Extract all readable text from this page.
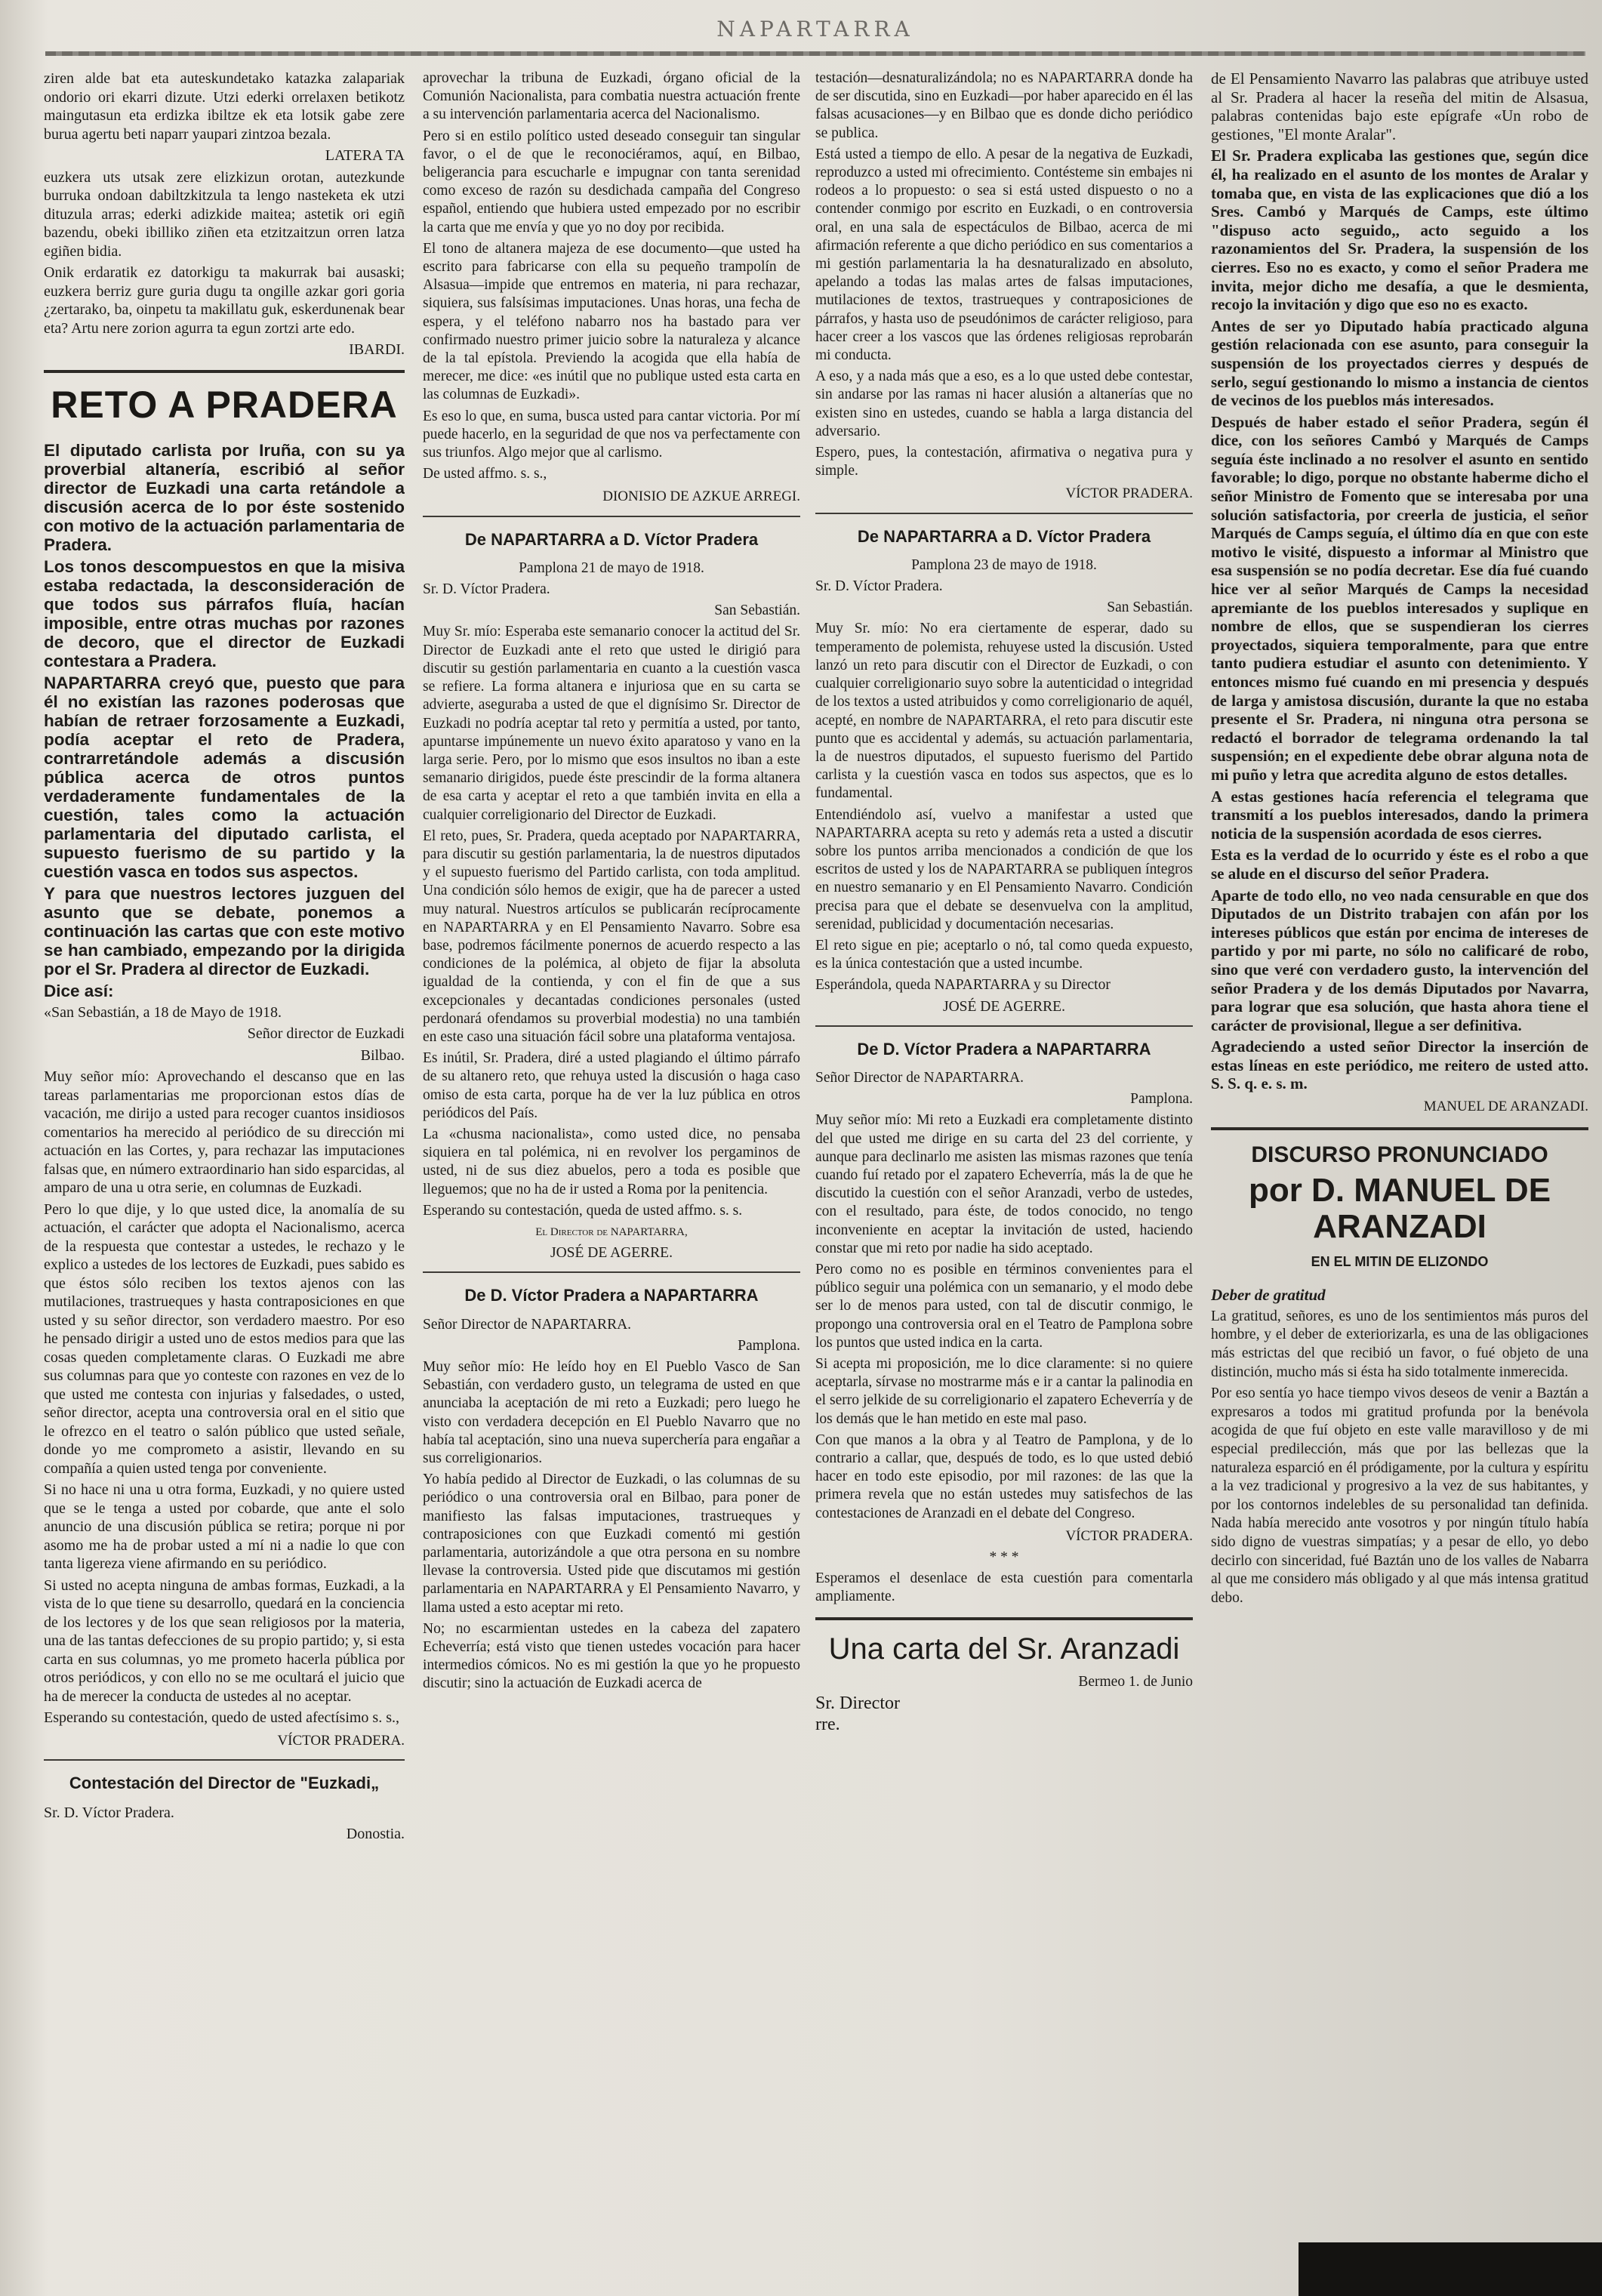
NAPARTARRA

ziren alde bat eta auteskundetako katazka zalapariak ondorio ori ekarri dizute. Utzi ederki orrelaxen betikotz maingutasun eta erdizka ibiltze ek eta lotsik gabe zere burua agertu beti naparr yaupari zintzoa bezala.

LATERA TA

euzkera uts utsak zere elizkizun orotan, autezkunde burruka ondoan dabiltzkitzula ta lengo nasteketa ek utzi dituzula arras; ederki adizkide maitea; astetik ori egiñ bazendu, obeki ibilliko ziñen eta etzitzaitzun orren latza egiñen bidia.

Onik erdaratik ez datorkigu ta makurrak bai ausaski; euzkera berriz gure guria dugu ta ongille azkar gori goria ¿zertarako, ba, oinpetu ta makillatu guk, eskerdunenak bear eta? Artu nere zorion agurra ta egun zortzi arte edo.

IBARDI.

RETO A PRADERA

El diputado carlista por Iruña, con su ya proverbial altanería, escribió al señor director de Euzkadi una carta retándole a discusión acerca de lo por éste sostenido con motivo de la actuación parlamentaria de Pradera.

Los tonos descompuestos en que la misiva estaba redactada, la desconsideración de que todos sus párrafos fluía, hacían imposible, entre otras muchas por razones de decoro, que el director de Euzkadi contestara a Pradera.

NAPARTARRA creyó que, puesto que para él no existían las razones poderosas que habían de retraer forzosamente a Euzkadi, podía aceptar el reto de Pradera, contrarretándole además a discusión pública acerca de otros puntos verdaderamente fundamentales de la cuestión, tales como la actuación parlamentaria del diputado carlista, el supuesto fuerismo de su partido y la cuestión vasca en todos sus aspectos.

Y para que nuestros lectores juzguen del asunto que se debate, ponemos a continuación las cartas que con este motivo se han cambiado, empezando por la dirigida por el Sr. Pradera al director de Euzkadi.

Dice así:

«San Sebastián, a 18 de Mayo de 1918.

Señor director de Euzkadi

Bilbao.

Muy señor mío: Aprovechando el descanso que en las tareas parlamentarias me proporcionan estos días de vacación, me dirijo a usted para recoger cuantos insidiosos comentarios ha merecido al periódico de su dirección mi actuación en las Cortes, y, para rechazar las imputaciones falsas que, en número extraordinario han sido esparcidas, al amparo de una u otra serie, en columnas de Euzkadi.

Pero lo que dije, y lo que usted dice, la anomalía de su actuación, el carácter que adopta el Nacionalismo, acerca de la respuesta que contestar a ustedes, le rechazo y le explico a ustedes de los lectores de Euzkadi, pues sabido es que éstos sólo reciben los textos ajenos con las mutilaciones, trastrueques y hasta contraposiciones en que usted y su señor director, son verdadero maestro. Por eso he pensado dirigir a usted uno de estos medios para que las cosas queden completamente claras. O Euzkadi me abre sus columnas para que yo conteste con razones en vez de lo que usted me contesta con injurias y falsedades, o usted, señor director, acepta una controversia oral en el sitio que le ofrezco en el teatro o salón público que usted señale, donde yo me comprometo a asistir, llevando en su compañía a quien usted tenga por conveniente.

Si no hace ni una u otra forma, Euzkadi, y no quiere usted que se le tenga a usted por cobarde, que ante el solo anuncio de una discusión pública se retira; porque ni por asomo me ha de probar usted a mí ni a nadie lo que con tanta ligereza viene afirmando en su periódico.

Si usted no acepta ninguna de ambas formas, Euzkadi, a la vista de lo que tiene su desarrollo, quedará en la conciencia de los lectores y de los que sean religiosos por la materia, una de las tantas defecciones de su propio partido; y, si esta carta en sus columnas, yo me prometo hacerla pública por otros periódicos, y con ello no se me ocultará el juicio que ha de merecer la conducta de ustedes al no aceptar.

Esperando su contestación, quedo de usted afectísimo s. s.,

VÍCTOR PRADERA.

Contestación del Director de "Euzkadi„

Sr. D. Víctor Pradera.

Donostia.

aprovechar la tribuna de Euzkadi, órgano oficial de la Comunión Nacionalista, para combatia nuestra actuación frente a su intervención parlamentaria acerca del Nacionalismo.

Pero si en estilo político usted deseado conseguir tan singular favor, o el de que le reconociéramos, aquí, en Bilbao, beligerancia para escucharle e impugnar con tanta serenidad como exceso de razón su desdichada campaña del Congreso español, entiendo que hubiera usted empezado por no escribir la carta que me envía y que yo no doy por recibida.

El tono de altanera majeza de ese documento—que usted ha escrito para fabricarse con ella su pequeño trampolín de Alsasua—impide que entremos en materia, ni para rechazar, siquiera, sus falsísimas imputaciones. Unas horas, una fecha de espera, y el teléfono nabarro nos ha bastado para ver confirmado nuestro primer juicio sobre la naturaleza y alcance de la tal epístola. Previendo la acogida que ella había de merecer, me dice: «es inútil que no publique usted esta carta en las columnas de Euzkadi».

Es eso lo que, en suma, busca usted para cantar victoria. Por mí puede hacerlo, en la seguridad de que nos va perfectamente con sus triunfos. Algo mejor que al carlismo.

De usted affmo. s. s.,

DIONISIO DE AZKUE ARREGI.

De NAPARTARRA a D. Víctor Pradera

Pamplona 21 de mayo de 1918.

Sr. D. Víctor Pradera.

San Sebastián.

Muy Sr. mío: Esperaba este semanario conocer la actitud del Sr. Director de Euzkadi ante el reto que usted le dirigió para discutir su gestión parlamentaria en cuanto a la cuestión vasca se refiere. La forma altanera e injuriosa que en su carta se advierte, aseguraba a usted de que el dignísimo Sr. Director de Euzkadi no podría aceptar tal reto y permitía a usted, por tanto, apuntarse impúnemente un nuevo éxito aparatoso y vano en la larga serie. Pero, por lo mismo que esos insultos no iban a este semanario dirigidos, puede éste prescindir de la forma altanera de esa carta y aceptar el reto a que también invita en ella a cualquier correligionario del Director de Euzkadi.

El reto, pues, Sr. Pradera, queda aceptado por NAPARTARRA, para discutir su gestión parlamentaria, la de nuestros diputados y el supuesto fuerismo del Partido carlista, con toda amplitud. Una condición sólo hemos de exigir, que ha de parecer a usted muy natural. Nuestros artículos se publicarán recíprocamente en NAPARTARRA y en El Pensamiento Navarro. Sobre esa base, podremos fácilmente ponernos de acuerdo respecto a las condiciones de la polémica, al objeto de fijar la absoluta igualdad de la contienda, y con el fin de que a sus excepcionales y decantadas condiciones personales (usted perdonará ofendamos su proverbial modestia) no una también en este caso una situación fácil sobre una plataforma ventajosa.

Es inútil, Sr. Pradera, diré a usted plagiando el último párrafo de su altanero reto, que rehuya usted la discusión o haga caso omiso de esta carta, porque ha de ver la luz pública en otros periódicos del País.

La «chusma nacionalista», como usted dice, no pensaba siquiera en tal polémica, ni en revolver los pergaminos de usted, ni de sus diez abuelos, pero a toda es posible que lleguemos; que no ha de ir usted a Roma por la penitencia.

Esperando su contestación, queda de usted affmo. s. s.

El Director de NAPARTARRA,

JOSÉ DE AGERRE.

De D. Víctor Pradera a NAPARTARRA

Señor Director de NAPARTARRA.

Pamplona.

Muy señor mío: He leído hoy en El Pueblo Vasco de San Sebastián, con verdadero gusto, un telegrama de usted en que anunciaba la aceptación de mi reto a Euzkadi; pero luego he visto con verdadera decepción en El Pueblo Navarro que no había tal aceptación, sino una nueva superchería para engañar a sus correligionarios.

Yo había pedido al Director de Euzkadi, o las columnas de su periódico o una controversia oral en Bilbao, para poner de manifiesto las falsas imputaciones, trastrueques y contraposiciones con que Euzkadi comentó mi gestión parlamentaria, autorizándole a que otra persona en su nombre llevase la controversia. Usted pide que discutamos mi gestión parlamentaria en NAPARTARRA y El Pensamiento Navarro, y llama usted a esto aceptar mi reto.

No; no escarmientan ustedes en la cabeza del zapatero Echeverría; está visto que tienen ustedes vocación para hacer intermedios cómicos. No es mi gestión la que yo he propuesto discutir; sino la actuación de Euzkadi acerca de

testación—desnaturalizándola; no es NAPARTARRA donde ha de ser discutida, sino en Euzkadi—por haber aparecido en él las falsas acusaciones—y en Bilbao que es donde dicho periódico se publica.

Está usted a tiempo de ello. A pesar de la negativa de Euzkadi, reproduzco a usted mi ofrecimiento. Contésteme sin embajes ni rodeos a lo propuesto: o sea si está usted dispuesto o no a contender conmigo por escrito en Euzkadi, o en controversia oral, en una sala de espectáculos de Bilbao, acerca de mi afirmación referente a que dicho periódico en sus comentarios a mi gestión parlamentaria la ha desnaturalizado en absoluto, apelando a todas las malas artes de falsas imputaciones, mutilaciones de textos, trastrueques y contraposiciones de párrafos, y hasta uso de pseudónimos de carácter religioso, para hacer creer a los vascos que las órdenes religiosas reprobarán mi conducta.

A eso, y a nada más que a eso, es a lo que usted debe contestar, sin andarse por las ramas ni hacer alusión a altanerías que no existen sino en ustedes, cuando se habla a larga distancia del adversario.

Espero, pues, la contestación, afirmativa o negativa pura y simple.

VÍCTOR PRADERA.

De NAPARTARRA a D. Víctor Pradera

Pamplona 23 de mayo de 1918.

Sr. D. Víctor Pradera.

San Sebastián.

Muy Sr. mío: No era ciertamente de esperar, dado su temperamento de polemista, rehuyese usted la discusión. Usted lanzó un reto para discutir con el Director de Euzkadi, o con cualquier correligionario suyo sobre la autenticidad o integridad de los textos a usted atribuidos y como correligionario de aquél, acepté, en nombre de NAPARTARRA, el reto para discutir este punto que es accidental y además, su actuación parlamentaria, la de nuestros diputados, el supuesto fuerismo del Partido carlista y la cuestión vasca en todos sus aspectos, que es lo fundamental.

Entendiéndolo así, vuelvo a manifestar a usted que NAPARTARRA acepta su reto y además reta a usted a discutir sobre los puntos arriba mencionados a condición de que los escritos de usted y los de NAPARTARRA se publiquen íntegros en nuestro semanario y en El Pensamiento Navarro. Condición precisa para que el debate se desenvuelva con la amplitud, serenidad, publicidad y documentación necesarias.

El reto sigue en pie; aceptarlo o nó, tal como queda expuesto, es la única contestación que a usted incumbe.

Esperándola, queda NAPARTARRA y su Director

JOSÉ DE AGERRE.

De D. Víctor Pradera a NAPARTARRA

Señor Director de NAPARTARRA.

Pamplona.

Muy señor mío: Mi reto a Euzkadi era completamente distinto del que usted me dirige en su carta del 23 del corriente, y aunque para declinarlo me asisten las mismas razones que tenía cuando fuí retado por el zapatero Echeverría, más la de que he discutido la cuestión con el señor Aranzadi, verbo de ustedes, con el resultado, para éste, de todos conocido, no tengo inconveniente en aceptar la invitación de usted, haciendo constar que mi reto por nadie ha sido aceptado.

Pero como no es posible en términos convenientes para el público seguir una polémica con un semanario, y el modo debe ser lo de menos para usted, con tal de discutir conmigo, le propongo una controversia oral en el Teatro de Pamplona sobre los puntos que usted indica en la carta.

Si acepta mi proposición, me lo dice claramente: si no quiere aceptarla, sírvase no mostrarme más e ir a cantar la palinodia en el serro jelkide de su correligionario el zapatero Echeverría y de los demás que le han metido en este mal paso.

Con que manos a la obra y al Teatro de Pamplona, y de lo contrario a callar, que, después de todo, es lo que usted debió hacer en todo este episodio, por mil razones: de las que la primera revela que no están ustedes muy satisfechos de las contestaciones de Aranzadi en el debate del Congreso.

VÍCTOR PRADERA.

* * *

Esperamos el desenlace de esta cuestión para comentarla ampliamente.

Una carta del Sr. Aranzadi

Bermeo 1. de Junio

Sr. Director

rre.

de El Pensamiento Navarro las palabras que atribuye usted al Sr. Pradera al hacer la reseña del mitin de Alsasua, palabras contenidas bajo este epígrafe «Un robo de gestiones, "El monte Aralar".

El Sr. Pradera explicaba las gestiones que, según dice él, ha realizado en el asunto de los montes de Aralar y tomaba que, en vista de las explicaciones que dió a los Sres. Cambó y Marqués de Camps, este último "dispuso acto seguido,, acto seguido a los razonamientos del Sr. Pradera, la suspensión de los cierres. Eso no es exacto, y como el señor Pradera me invita, mejor dicho me desafía, a que le desmienta, recojo la invitación y digo que eso no es exacto.

Antes de ser yo Diputado había practicado alguna gestión relacionada con ese asunto, para conseguir la suspensión de los proyectados cierres y después de serlo, seguí gestionando lo mismo a instancia de cientos de vecinos de los pueblos más interesados.

Después de haber estado el señor Pradera, según él dice, con los señores Cambó y Marqués de Camps seguía éste inclinado a no resolver el asunto en sentido favorable; lo digo, porque no obstante haberme dicho el señor Ministro de Fomento que se interesaba por una solución satisfactoria, por creerla de justicia, el señor Marqués de Camps seguía, el último día en que con este motivo le visité, dispuesto a informar al Ministro que esa suspensión se no podía decretar. Ese día fué cuando hice ver al señor Marqués de Camps la necesidad apremiante de los pueblos interesados y suplique en nombre de ellos, que se suspendieran los cierres proyectados, siquiera temporalmente, para que entre tanto pudiera estudiar el asunto con detenimiento. Y entonces mismo fué cuando en mi presencia y después de larga y amistosa discusión, durante la que no estaba presente el Sr. Pradera, ni ninguna otra persona se redactó el borrador de telegrama ordenando la tal suspensión; en el expediente debe obrar alguna nota de mi puño y letra que acredita alguno de estos detalles.

A estas gestiones hacía referencia el telegrama que transmití a los pueblos interesados, dando la primera noticia de la suspensión acordada de esos cierres.

Esta es la verdad de lo ocurrido y éste es el robo a que se alude en el discurso del señor Pradera.

Aparte de todo ello, no veo nada censurable en que dos Diputados de un Distrito trabajen con afán por los intereses públicos que están por encima de intereses de partido y por mi parte, no sólo no calificaré de robo, sino que veré con verdadero gusto, la intervención del señor Pradera y de los demás Diputados por Navarra, para lograr que esa solución, que hasta ahora tiene el carácter de provisional, llegue a ser definitiva.

Agradeciendo a usted señor Director la inserción de estas líneas en este periódico, me reitero de usted atto. S. S. q. e. s. m.

MANUEL DE ARANZADI.

DISCURSO PRONUNCIADO
por D. MANUEL DE ARANZADI
EN EL MITIN DE ELIZONDO

Deber de gratitud

La gratitud, señores, es uno de los sentimientos más puros del hombre, y el deber de exteriorizarla, es una de las obligaciones más estrictas del que recibió un favor, o fué objeto de una distinción, mucho más si ésta ha sido totalmente inmerecida.

Por eso sentía yo hace tiempo vivos deseos de venir a Baztán a expresaros a todos mi gratitud profunda por la benévola acogida de que fuí objeto en este valle maravilloso y de mi especial predilección, más que por las bellezas que la naturaleza esparció en él pródigamente, por la cultura y espíritu a la vez tradicional y progresivo a la vez de sus habitantes, y por los contornos indelebles de su personalidad tan definida. Nada había merecido ante vosotros y por ningún título había sido digno de vuestras simpatías; y a pesar de ello, yo debo decirlo con sinceridad, fué Baztán uno de los valles de Nabarra al que me considero más obligado y al que más intensa gratitud debo.
